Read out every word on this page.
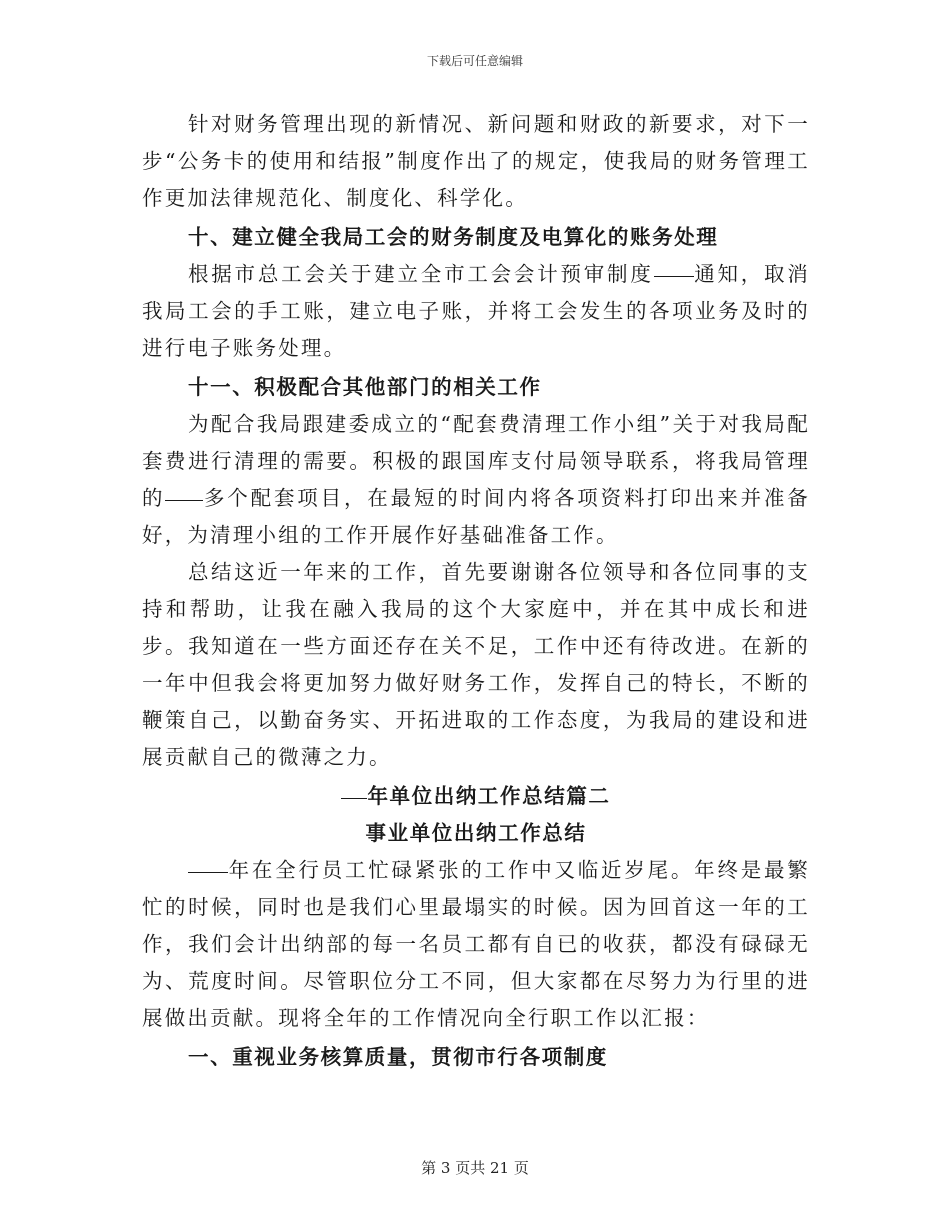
下载后可任意编辑

针对财务管理出现的新情况、新问题和财政的新要求，对下一步“公务卡的使用和结报”制度作出了的规定，使我局的财务管理工作更加法律规范化、制度化、科学化。

十、建立健全我局工会的财务制度及电算化的账务处理

根据市总工会关于建立全市工会会计预审制度 通知，取消我局工会的手工账，建立电子账，并将工会发生的各项业务及时的进行电子账务处理。

十一、积极配合其他部门的相关工作

为配合我局跟建委成立的“配套费清理工作小组”关于对我局配套费进行清理的需要。积极的跟国库支付局领导联系，将我局管理的 多个配套项目，在最短的时间内将各项资料打印出来并准备好，为清理小组的工作开展作好基础准备工作。

总结这近一年来的工作，首先要谢谢各位领导和各位同事的支持和帮助，让我在融入我局的这个大家庭中，并在其中成长和进步。我知道在一些方面还存在关不足，工作中还有待改进。在新的一年中但我会将更加努力做好财务工作，发挥自己的特长，不断的鞭策自己，以勤奋务实、开拓进取的工作态度，为我局的建设和进展贡献自己的微薄之力。

年单位出纳工作总结篇二

事业单位出纳工作总结

年在全行员工忙碌紧张的工作中又临近岁尾。年终是最繁忙的时候，同时也是我们心里最塌实的时候。因为回首这一年的工作，我们会计出纳部的每一名员工都有自已的收获，都没有碌碌无为、荒度时间。尽管职位分工不同，但大家都在尽努力为行里的进展做出贡献。现将全年的工作情况向全行职工作以汇报：

一、重视业务核算质量，贯彻市行各项制度

第 3 页共 21 页
